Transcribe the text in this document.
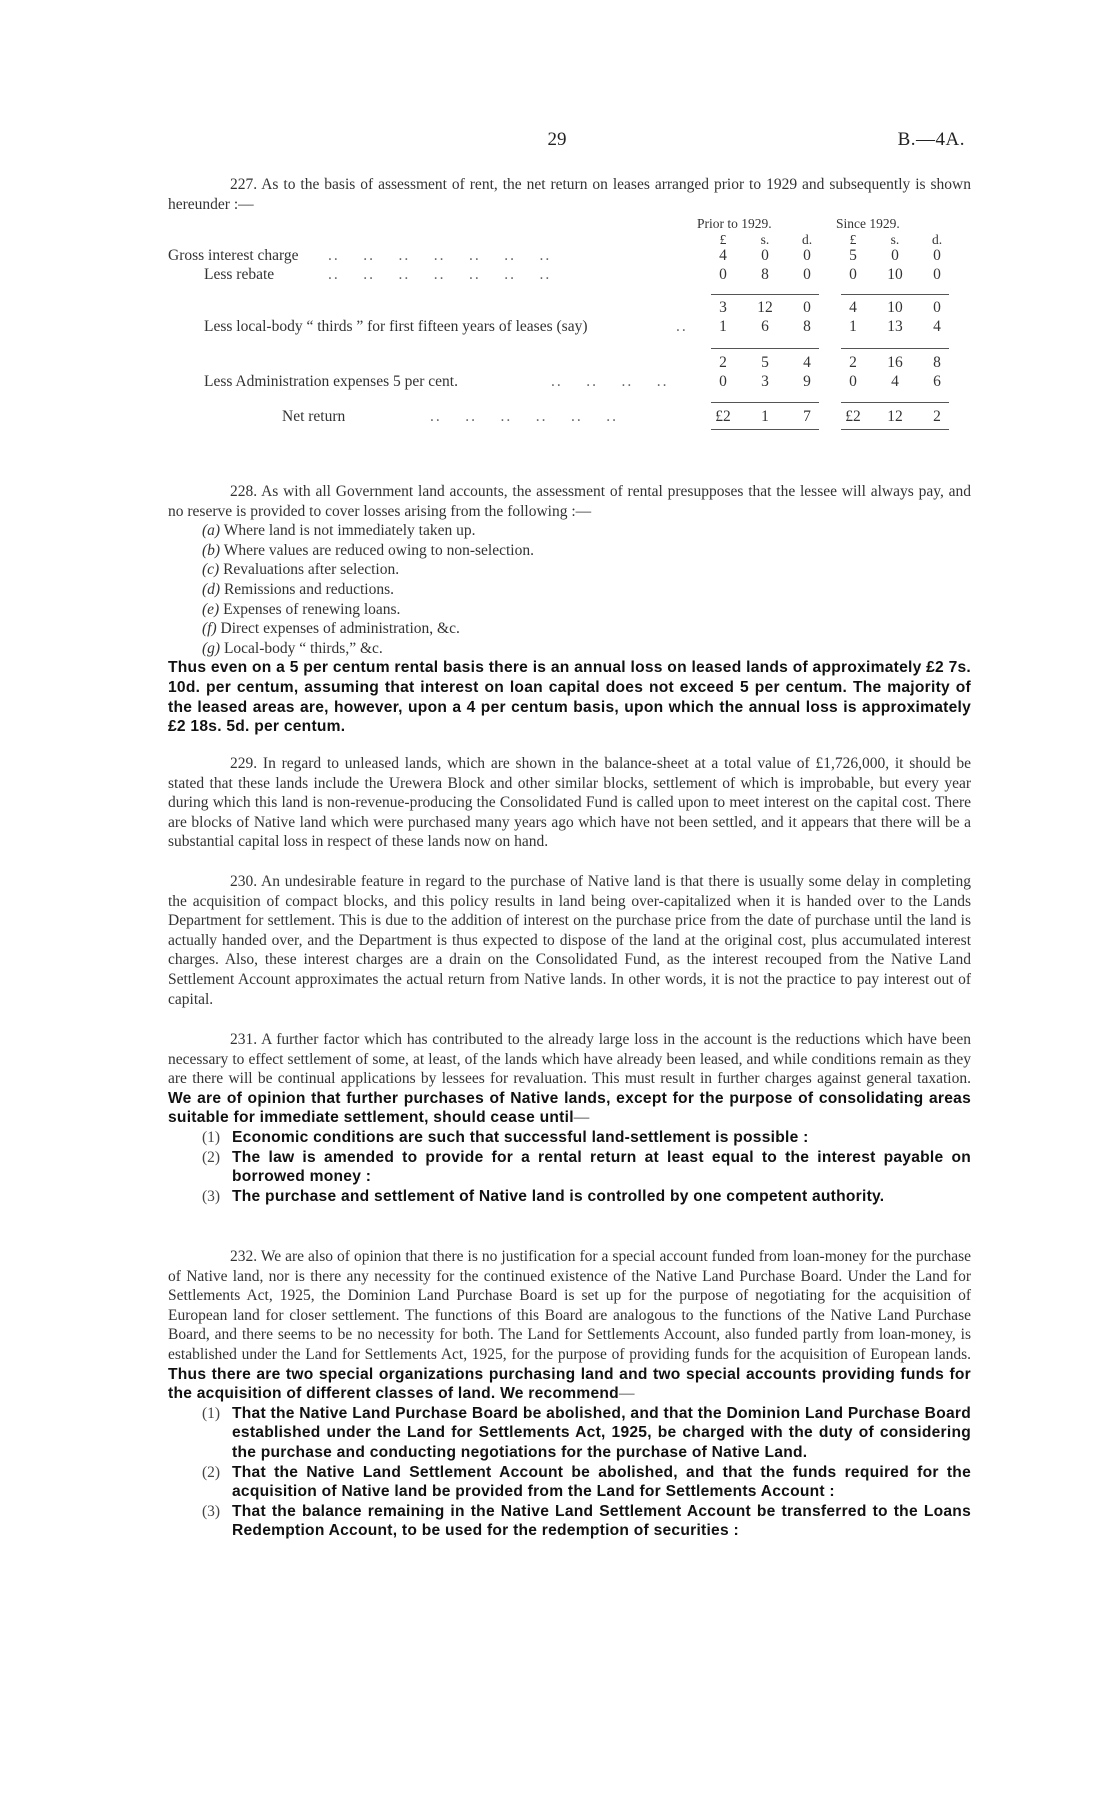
29	B.—4A.

227. As to the basis of assessment of rent, the net return on leases arranged prior to 1929 and subsequently is shown hereunder :—

Prior to 1929.	Since 1929.
£	s.	d.	£	s.	d.
Gross interest charge ..    ..    ..    ..    ..    ..    ..	4	0	0	5	0	0
Less rebate	..    ..    ..    ..    ..    ..    ..	0	8	0	0	10	0
3	12	0	4	10	0
Less local-body “ thirds ” for first fifteen years of leases (say)	..	1	6	8	1	13	4
2	5	4	2	16	8
Less Administration expenses 5 per cent.	..    ..    ..    ..	0	3	9	0	4	6
Net return	..    ..    ..    ..    ..    ..	£2	1	7	£2	12	2

228. As with all Government land accounts, the assessment of rental presupposes that the lessee will always pay, and no reserve is provided to cover losses arising from the following :—

(a) Where land is not immediately taken up.
(b) Where values are reduced owing to non-selection.
(c) Revaluations after selection.
(d) Remissions and reductions.
(e) Expenses of renewing loans.
(f) Direct expenses of administration, &c.
(g) Local-body “ thirds,” &c.

Thus even on a 5 per centum rental basis there is an annual loss on leased lands of approximately £2 7s. 10d. per centum, assuming that interest on loan capital does not exceed 5 per centum. The majority of the leased areas are, however, upon a 4 per centum basis, upon which the annual loss is approximately £2 18s. 5d. per centum.

229. In regard to unleased lands, which are shown in the balance-sheet at a total value of £1,726,000, it should be stated that these lands include the Urewera Block and other similar blocks, settlement of which is improbable, but every year during which this land is non-revenue-producing the Consolidated Fund is called upon to meet interest on the capital cost. There are blocks of Native land which were purchased many years ago which have not been settled, and it appears that there will be a substantial capital loss in respect of these lands now on hand.

230. An undesirable feature in regard to the purchase of Native land is that there is usually some delay in completing the acquisition of compact blocks, and this policy results in land being over-capitalized when it is handed over to the Lands Department for settlement. This is due to the addition of interest on the purchase price from the date of purchase until the land is actually handed over, and the Department is thus expected to dispose of the land at the original cost, plus accumulated interest charges. Also, these interest charges are a drain on the Consolidated Fund, as the interest recouped from the Native Land Settlement Account approximates the actual return from Native lands. In other words, it is not the practice to pay interest out of capital.

231. A further factor which has contributed to the already large loss in the account is the reductions which have been necessary to effect settlement of some, at least, of the lands which have already been leased, and while conditions remain as they are there will be continual applications by lessees for revaluation. This must result in further charges against general taxation. We are of opinion that further purchases of Native lands, except for the purpose of consolidating areas suitable for immediate settlement, should cease until—

(1) Economic conditions are such that successful land-settlement is possible :
(2) The law is amended to provide for a rental return at least equal to the interest payable on borrowed money :
(3) The purchase and settlement of Native land is controlled by one competent authority.

232. We are also of opinion that there is no justification for a special account funded from loan-money for the purchase of Native land, nor is there any necessity for the continued existence of the Native Land Purchase Board. Under the Land for Settlements Act, 1925, the Dominion Land Purchase Board is set up for the purpose of negotiating for the acquisition of European land for closer settlement. The functions of this Board are analogous to the functions of the Native Land Purchase Board, and there seems to be no necessity for both. The Land for Settlements Account, also funded partly from loan-money, is established under the Land for Settlements Act, 1925, for the purpose of providing funds for the acquisition of European lands. Thus there are two special organizations purchasing land and two special accounts providing funds for the acquisition of different classes of land. We recommend—

(1) That the Native Land Purchase Board be abolished, and that the Dominion Land Purchase Board established under the Land for Settlements Act, 1925, be charged with the duty of considering the purchase and conducting negotiations for the purchase of Native Land.
(2) That the Native Land Settlement Account be abolished, and that the funds required for the acquisition of Native land be provided from the Land for Settlements Account :
(3) That the balance remaining in the Native Land Settlement Account be transferred to the Loans Redemption Account, to be used for the redemption of securities :
